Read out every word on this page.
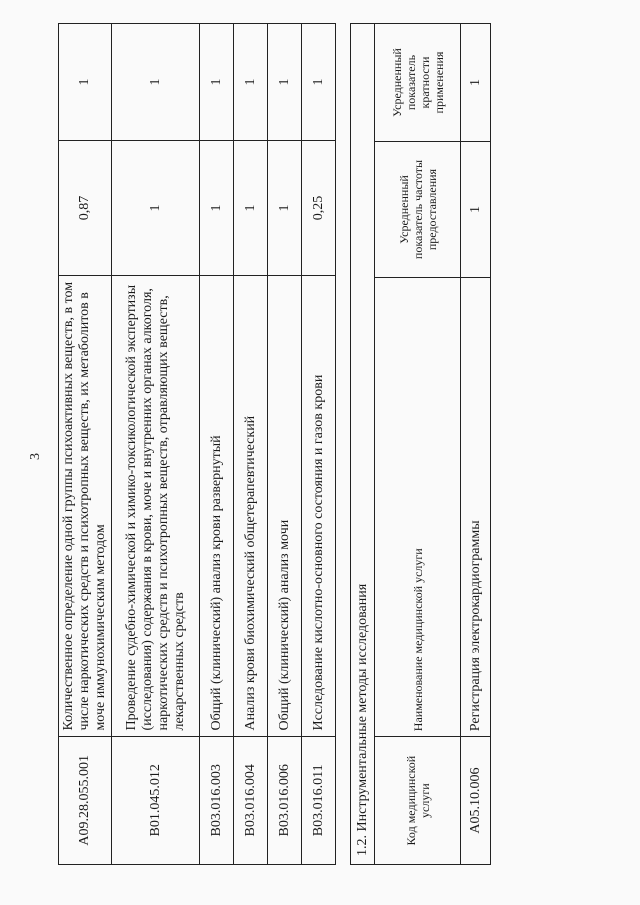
3
A09.28.055.001	Количественное определение одной группы психоактивных веществ, в том числе наркотических средств и психотропных веществ, их метаболитов в моче иммунохимическим методом	0,87	1
B01.045.012	Проведение судебно-химической и химико-токсикологической экспертизы (исследования) содержания в крови, моче и внутренних органах алкоголя, наркотических средств и психотропных веществ, отравляющих веществ, лекарственных средств	1	1
B03.016.003	Общий (клинический) анализ крови развернутый	1	1
B03.016.004	Анализ крови биохимический общетерапевтический	1	1
B03.016.006	Общий (клинический) анализ мочи	1	1
B03.016.011	Исследование кислотно-основного состояния и газов крови	0,25	1
1.2. Инструментальные методы исследования			
Код медицинской услуги	Наименование медицинской услуги	Усредненный показатель частоты предоставления	Усредненный показатель кратности применения
A05.10.006	Регистрация электрокардиограммы	1	1
